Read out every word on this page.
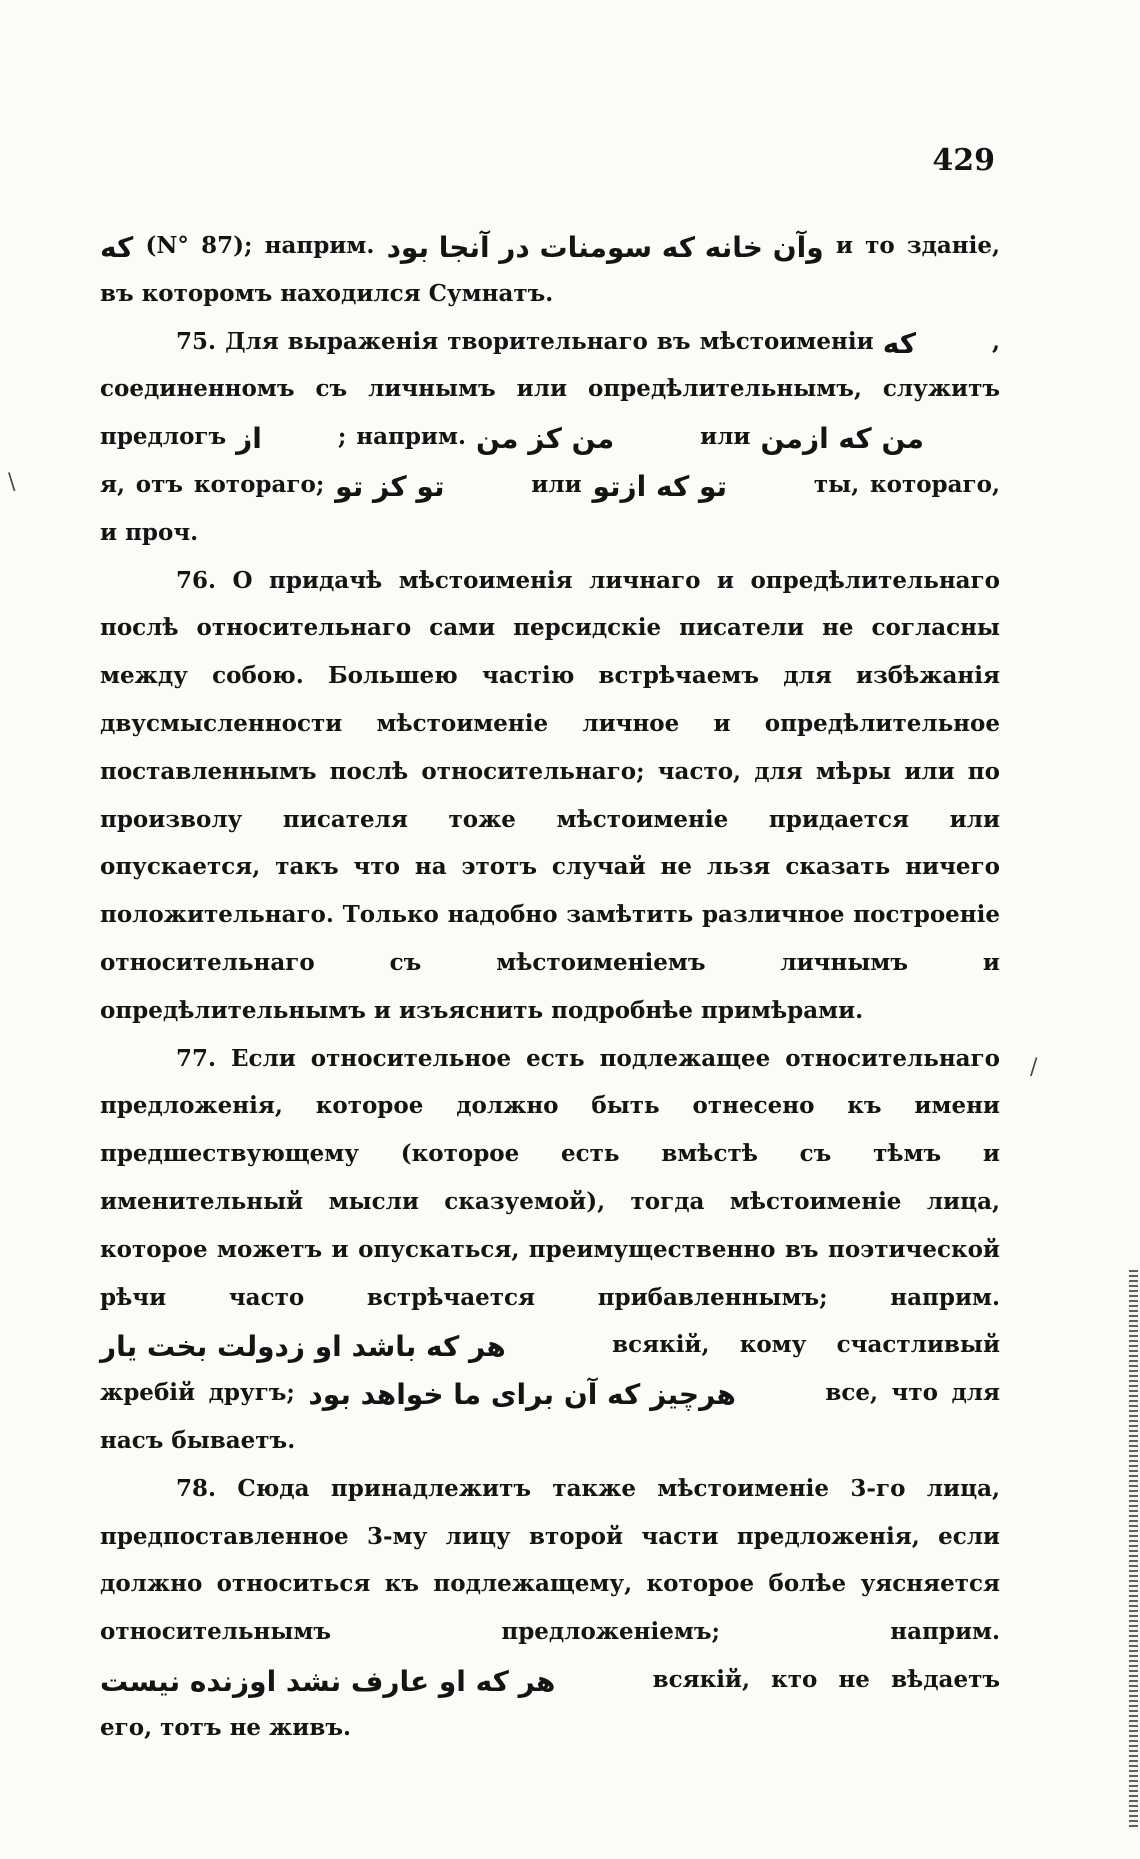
429

كه (N° 87); наприм. وآن خانه كه سومنات در آنجا بود и то зданіе, въ которомъ находился Сумнатъ.

75. Для выраженія творительнаго въ мѣстоименіи كه	, соединенномъ съ личнымъ или опредѣлительнымъ, служитъ предлогъ از	; наприм. من كز من	или من كه ازمن я, отъ котораго; تو كز تو	или تو كه ازتو	ты, котораго, и проч.

76. О придачѣ мѣстоименія личнаго и опредѣлительнаго послѣ относительнаго сами персидскіе писатели не согласны между собою. Большею частію встрѣчаемъ для избѣжанія двусмысленности мѣстоименіе личное и опредѣлительное поставленнымъ послѣ относительнаго; часто, для мѣры или по произволу писателя тоже мѣстоименіе придается или опускается, такъ что на этотъ случай не льзя сказать ничего положительнаго. Только надобно замѣтить различное построеніе относительнаго съ мѣстоименіемъ личнымъ и опредѣлительнымъ и изъяснить подробнѣе примѣрами.

77. Если относительное есть подлежащее относительнаго предложенія, которое должно быть отнесено къ имени предшествующему (которое есть вмѣстѣ съ тѣмъ и именительный мысли сказуемой), тогда мѣстоименіе лица, которое можетъ и опускаться, преимущественно въ поэтической рѣчи часто встрѣчается прибавленнымъ; наприм. هر كه باشد او زدولت بخت يار	всякій, кому счастливый жребій другъ; هرچيز كه آن براى ما خواهد بود	все, что для насъ бываетъ.

78. Сюда принадлежитъ также мѣстоименіе 3-го лица, предпоставленное 3-му лицу второй части предложенія, если должно относиться къ подлежащему, которое болѣе уясняется относительнымъ предложеніемъ; наприм. هر كه او عارف نشد اوزنده نيست	всякій, кто не вѣдаетъ его, тотъ не живъ.

\
/
